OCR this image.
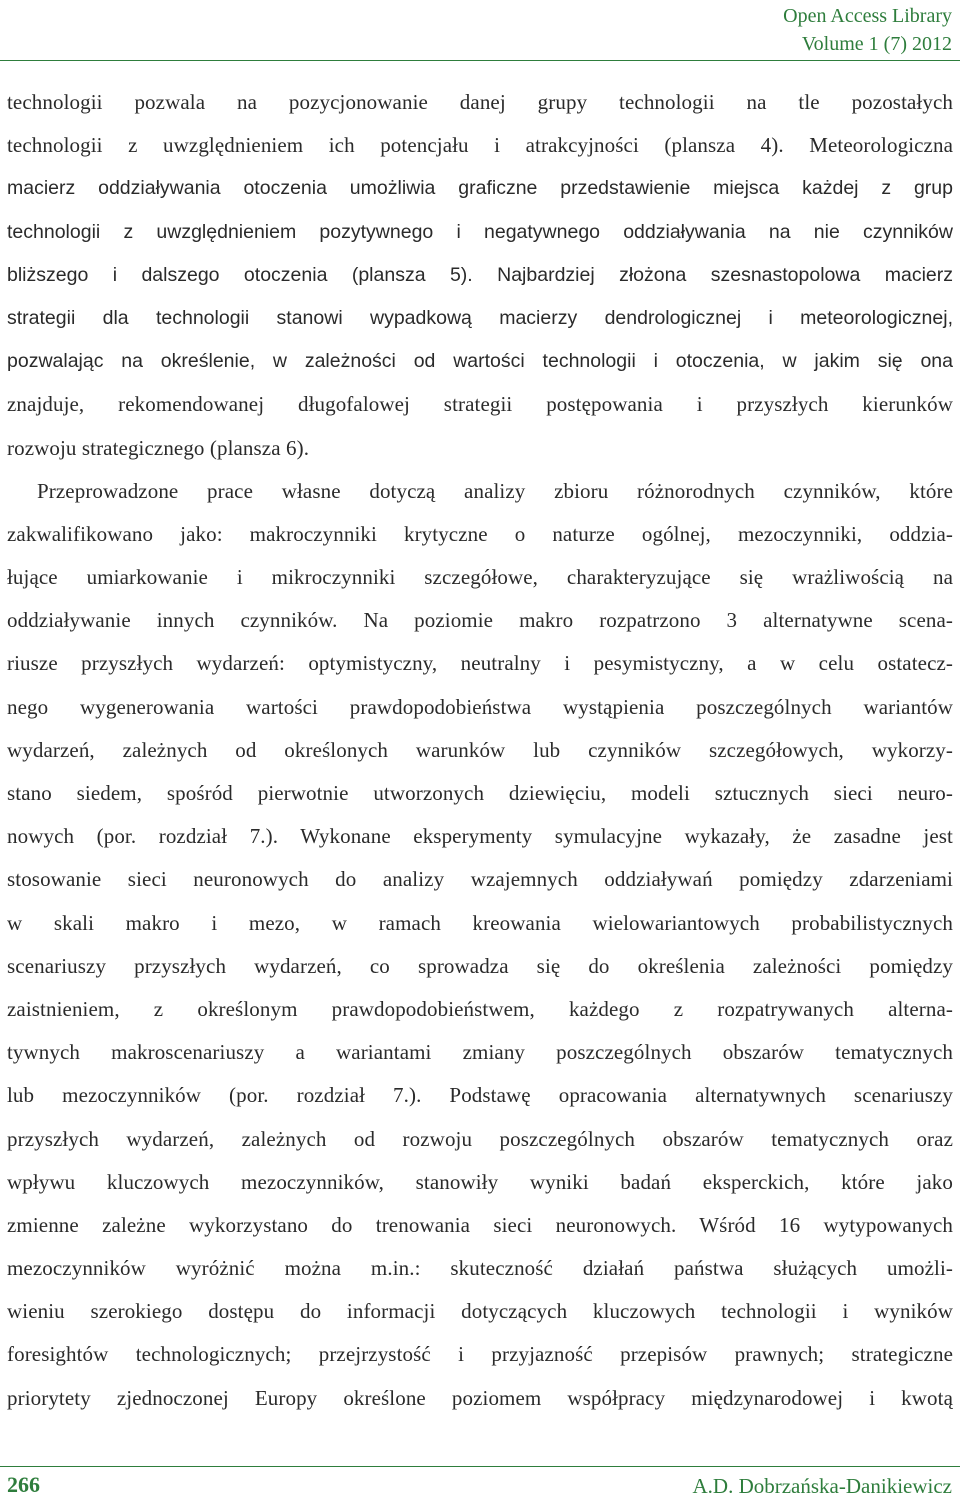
Open Access Library
Volume 1 (7) 2012
technologii pozwala na pozycjonowanie danej grupy technologii na tle pozostałych
technologii z uwzględnieniem ich potencjału i atrakcyjności (plansza 4). Meteorologiczna
macierz oddziaływania otoczenia umożliwia graficzne przedstawienie miejsca każdej z grup
technologii z uwzględnieniem pozytywnego i negatywnego oddziaływania na nie czynników
bliższego i dalszego otoczenia (plansza 5). Najbardziej złożona szesnastopolowa macierz
strategii dla technologii stanowi wypadkową macierzy dendrologicznej i meteorologicznej,
pozwalając na określenie, w zależności od wartości technologii i otoczenia, w jakim się ona
znajduje, rekomendowanej długofalowej strategii postępowania i przyszłych kierunków
rozwoju strategicznego (plansza 6).
Przeprowadzone prace własne dotyczą analizy zbioru różnorodnych czynników, które
zakwalifikowano jako: makroczynniki krytyczne o naturze ogólnej, mezoczynniki, oddzia-
łujące umiarkowanie i mikroczynniki szczegółowe, charakteryzujące się wrażliwością na
oddziaływanie innych czynników. Na poziomie makro rozpatrzono 3 alternatywne scena-
riusze przyszłych wydarzeń: optymistyczny, neutralny i pesymistyczny, a w celu ostatecz-
nego wygenerowania wartości prawdopodobieństwa wystąpienia poszczególnych wariantów
wydarzeń, zależnych od określonych warunków lub czynników szczegółowych, wykorzy-
stano siedem, spośród pierwotnie utworzonych dziewięciu, modeli sztucznych sieci neuro-
nowych (por. rozdział 7.). Wykonane eksperymenty symulacyjne wykazały, że zasadne jest
stosowanie sieci neuronowych do analizy wzajemnych oddziaływań pomiędzy zdarzeniami
w skali makro i mezo, w ramach kreowania wielowariantowych probabilistycznych
scenariuszy przyszłych wydarzeń, co sprowadza się do określenia zależności pomiędzy
zaistnieniem, z określonym prawdopodobieństwem, każdego z rozpatrywanych alterna-
tywnych makroscenariuszy a wariantami zmiany poszczególnych obszarów tematycznych
lub mezoczynników (por. rozdział 7.). Podstawę opracowania alternatywnych scenariuszy
przyszłych wydarzeń, zależnych od rozwoju poszczególnych obszarów tematycznych oraz
wpływu kluczowych mezoczynników, stanowiły wyniki badań eksperckich, które jako
zmienne zależne wykorzystano do trenowania sieci neuronowych. Wśród 16 wytypowanych
mezoczynników wyróżnić można m.in.: skuteczność działań państwa służących umożli-
wieniu szerokiego dostępu do informacji dotyczących kluczowych technologii i wyników
foresightów technologicznych; przejrzystość i przyjazność przepisów prawnych; strategiczne
priorytety zjednoczonej Europy określone poziomem współpracy międzynarodowej i kwotą
266	A.D. Dobrzańska-Danikiewicz
